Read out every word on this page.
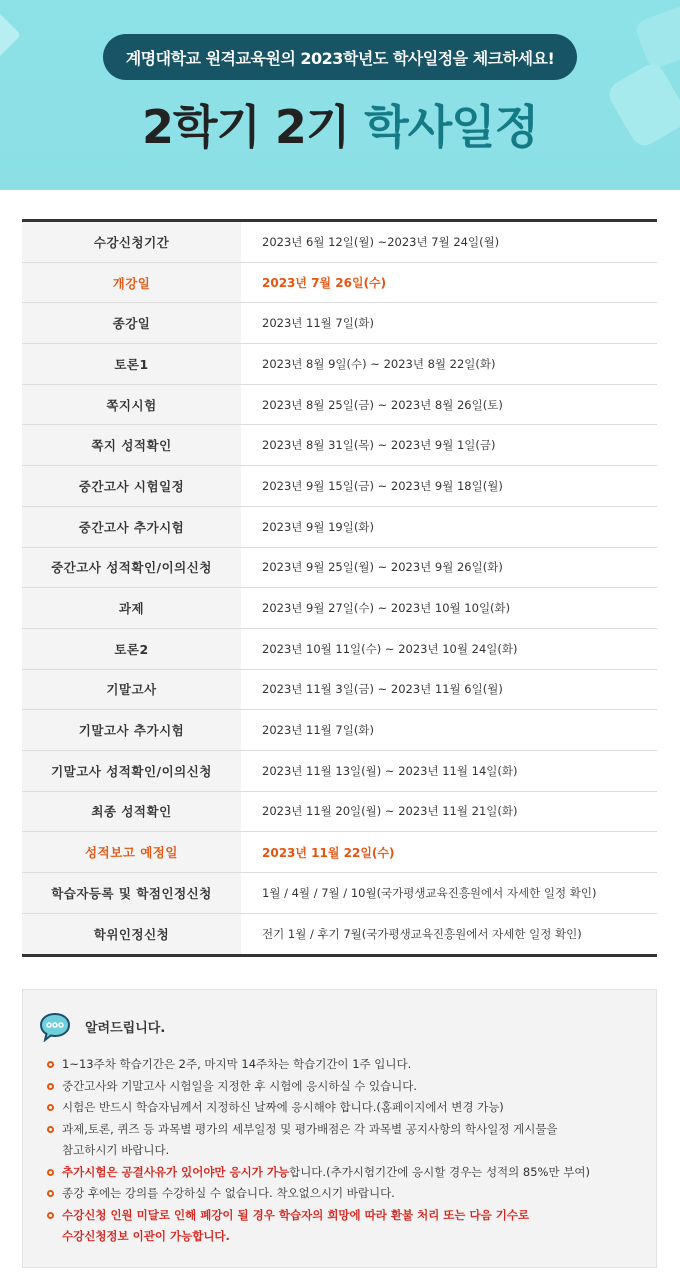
계명대학교 원격교육원의 2023학년도 학사일정을 체크하세요!
2학기 2기 학사일정
수강신청기간	2023년 6월 12일(월) ~2023년 7월 24일(월)
개강일	2023년 7월 26일(수)
종강일	2023년 11월 7일(화)
토론1	2023년 8월 9일(수) ~ 2023년 8월 22일(화)
쪽지시험	2023년 8월 25일(금) ~ 2023년 8월 26일(토)
쪽지 성적확인	2023년 8월 31일(목) ~ 2023년 9월 1일(금)
중간고사 시험일정	2023년 9월 15일(금) ~ 2023년 9월 18일(월)
중간고사 추가시험	2023년 9월 19일(화)
중간고사 성적확인/이의신청	2023년 9월 25일(월) ~ 2023년 9월 26일(화)
과제	2023년 9월 27일(수) ~ 2023년 10월 10일(화)
토론2	2023년 10월 11일(수) ~ 2023년 10월 24일(화)
기말고사	2023년 11월 3일(금) ~ 2023년 11월 6일(월)
기말고사 추가시험	2023년 11월 7일(화)
기말고사 성적확인/이의신청	2023년 11월 13일(월) ~ 2023년 11월 14일(화)
최종 성적확인	2023년 11월 20일(월) ~ 2023년 11월 21일(화)
성적보고 예정일	2023년 11월 22일(수)
학습자등록 및 학점인정신청	1월 / 4월 / 7월 / 10월(국가평생교육진흥원에서 자세한 일정 확인)
학위인정신청	전기 1월 / 후기 7월(국가평생교육진흥원에서 자세한 일정 확인)
알려드립니다.
1~13주차 학습기간은 2주, 마지막 14주차는 학습기간이 1주 입니다.
중간고사와 기말고사 시험일을 지정한 후 시험에 응시하실 수 있습니다.
시험은 반드시 학습자님께서 지정하신 날짜에 응시해야 합니다.(홈페이지에서 변경 가능)
과제,토론, 퀴즈 등 과목별 평가의 세부일정 및 평가배점은 각 과목별 공지사항의 학사일정 게시물을
참고하시기 바랍니다.
추가시험은 공결사유가 있어야만 응시가 가능합니다.(추가시험기간에 응시할 경우는 성적의 85%만 부여)
종강 후에는 강의를 수강하실 수 없습니다. 착오없으시기 바랍니다.
수강신청 인원 미달로 인해 폐강이 될 경우 학습자의 희망에 따라 환불 처리 또는 다음 기수로
수강신청정보 이관이 가능합니다.
